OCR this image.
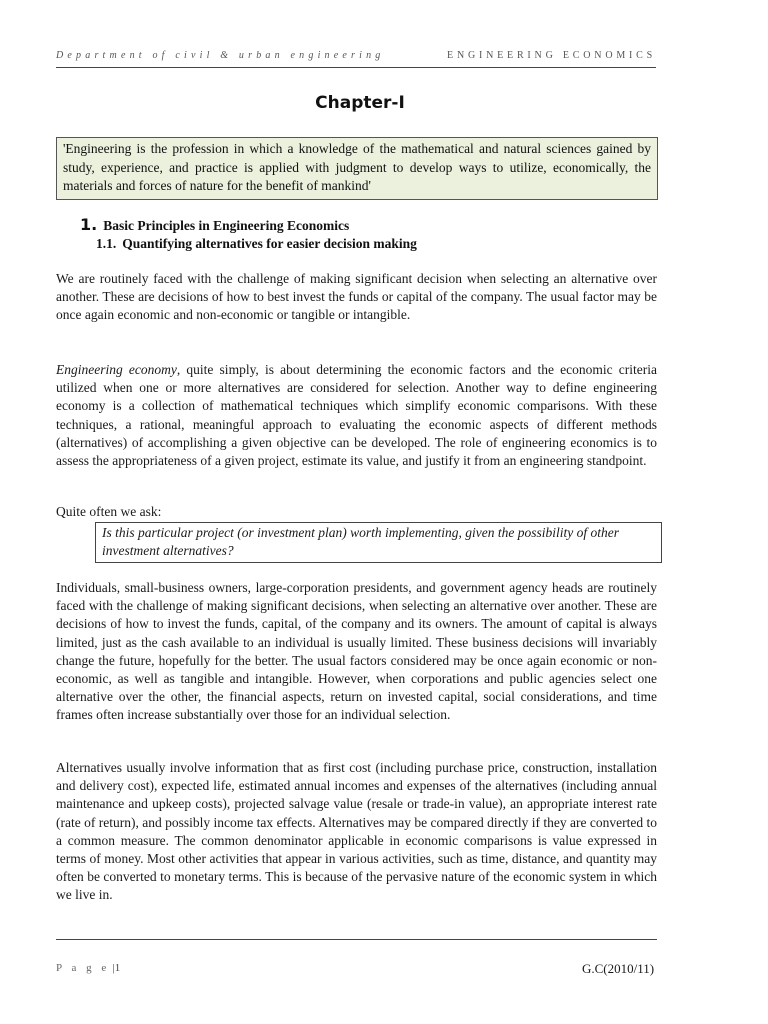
Department of civil & urban engineering	ENGINEERING ECONOMICS
Chapter-I
'Engineering is the profession in which a knowledge of the mathematical and natural sciences gained by study, experience, and practice is applied with judgment to develop ways to utilize, economically, the materials and forces of nature for the benefit of mankind'
1. Basic Principles in Engineering Economics
1.1. Quantifying alternatives for easier decision making

We are routinely faced with the challenge of making significant decision when selecting an alternative over another. These are decisions of how to best invest the funds or capital of the company. The usual factor may be once again economic and non-economic or tangible or intangible.

Engineering economy, quite simply, is about determining the economic factors and the economic criteria utilized when one or more alternatives are considered for selection. Another way to define engineering economy is a collection of mathematical techniques which simplify economic comparisons. With these techniques, a rational, meaningful approach to evaluating the economic aspects of different methods (alternatives) of accomplishing a given objective can be developed. The role of engineering economics is to assess the appropriateness of a given project, estimate its value, and justify it from an engineering standpoint.

Quite often we ask:
Is this particular project (or investment plan) worth implementing, given the possibility of other investment alternatives?

Individuals, small-business owners, large-corporation presidents, and government agency heads are routinely faced with the challenge of making significant decisions, when selecting an alternative over another. These are decisions of how to invest the funds, capital, of the company and its owners. The amount of capital is always limited, just as the cash available to an individual is usually limited. These business decisions will invariably change the future, hopefully for the better. The usual factors considered may be once again economic or non-economic, as well as tangible and intangible. However, when corporations and public agencies select one alternative over the other, the financial aspects, return on invested capital, social considerations, and time frames often increase substantially over those for an individual selection.

Alternatives usually involve information that as first cost (including purchase price, construction, installation and delivery cost), expected life, estimated annual incomes and expenses of the alternatives (including annual maintenance and upkeep costs), projected salvage value (resale or trade-in value), an appropriate interest rate (rate of return), and possibly income tax effects. Alternatives may be compared directly if they are converted to a common measure. The common denominator applicable in economic comparisons is value expressed in terms of money. Most other activities that appear in various activities, such as time, distance, and quantity may often be converted to monetary terms. This is because of the pervasive nature of the economic system in which we live in.

P a g e |1	G.C(2010/11)
